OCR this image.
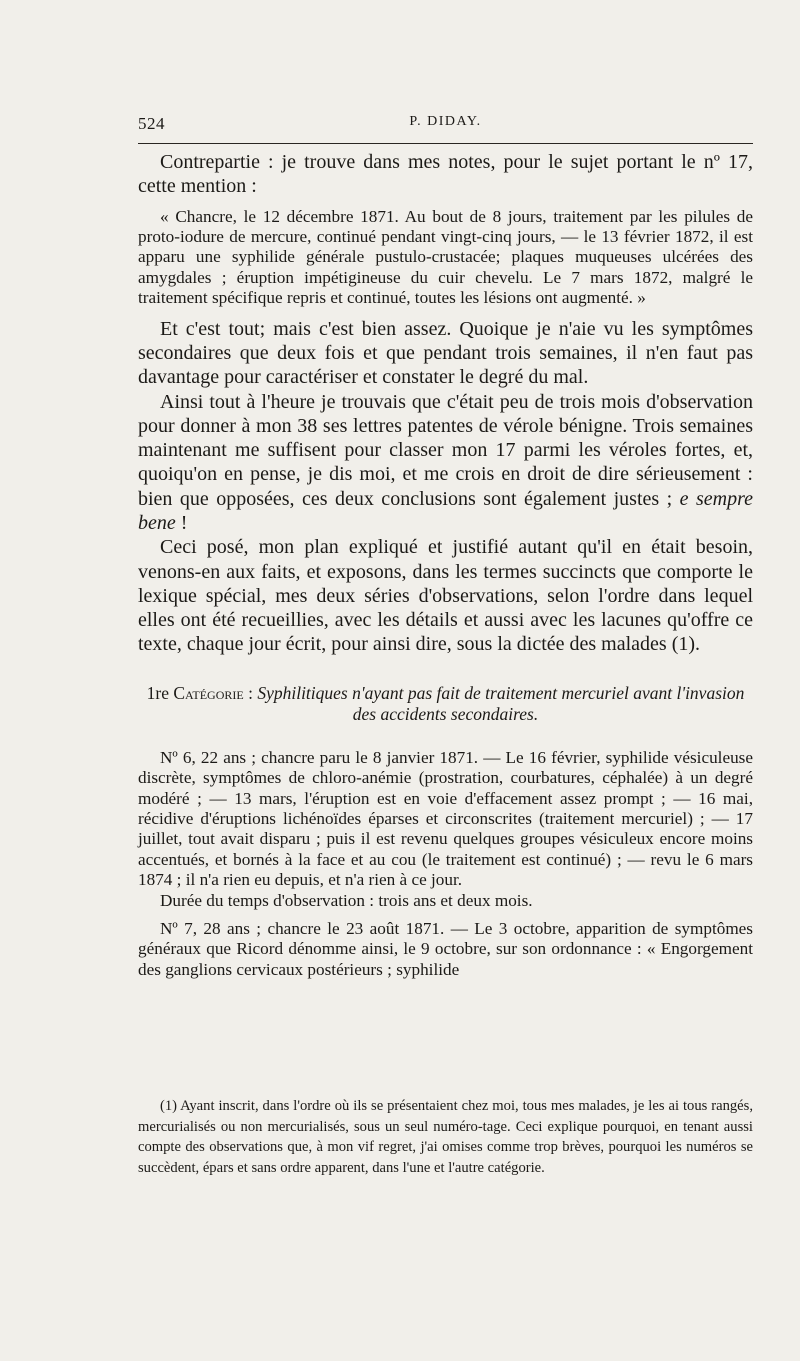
524	P. DIDAY.

Contrepartie : je trouve dans mes notes, pour le sujet portant le nº 17, cette mention :

« Chancre, le 12 décembre 1871. Au bout de 8 jours, traitement par les pilules de proto-iodure de mercure, continué pendant vingt-cinq jours, — le 13 février 1872, il est apparu une syphilide générale pustulo-crustacée; plaques muqueuses ulcérées des amygdales ; éruption impétigineuse du cuir chevelu. Le 7 mars 1872, malgré le traitement spécifique repris et continué, toutes les lésions ont augmenté. »

Et c'est tout; mais c'est bien assez. Quoique je n'aie vu les symptômes secondaires que deux fois et que pendant trois semaines, il n'en faut pas davantage pour caractériser et constater le degré du mal.

Ainsi tout à l'heure je trouvais que c'était peu de trois mois d'observation pour donner à mon 38 ses lettres patentes de vérole bénigne. Trois semaines maintenant me suffisent pour classer mon 17 parmi les véroles fortes, et, quoiqu'on en pense, je dis moi, et me crois en droit de dire sérieusement : bien que opposées, ces deux conclusions sont également justes ; e sempre bene !

Ceci posé, mon plan expliqué et justifié autant qu'il en était besoin, venons-en aux faits, et exposons, dans les termes succincts que comporte le lexique spécial, mes deux séries d'observations, selon l'ordre dans lequel elles ont été recueillies, avec les détails et aussi avec les lacunes qu'offre ce texte, chaque jour écrit, pour ainsi dire, sous la dictée des malades (1).

1re Catégorie : Syphilitiques n'ayant pas fait de traitement mercuriel avant l'invasion des accidents secondaires.

Nº 6, 22 ans ; chancre paru le 8 janvier 1871. — Le 16 février, syphilide vésiculeuse discrète, symptômes de chloro-anémie (prostration, courbatures, céphalée) à un degré modéré ; — 13 mars, l'éruption est en voie d'effacement assez prompt ; — 16 mai, récidive d'éruptions lichénoïdes éparses et circonscrites (traitement mercuriel) ; — 17 juillet, tout avait disparu ; puis il est revenu quelques groupes vésiculeux encore moins accentués, et bornés à la face et au cou (le traitement est continué) ; — revu le 6 mars 1874 ; il n'a rien eu depuis, et n'a rien à ce jour.

Durée du temps d'observation : trois ans et deux mois.

Nº 7, 28 ans ; chancre le 23 août 1871. — Le 3 octobre, apparition de symptômes généraux que Ricord dénomme ainsi, le 9 octobre, sur son ordonnance : « Engorgement des ganglions cervicaux postérieurs ; syphilide

(1) Ayant inscrit, dans l'ordre où ils se présentaient chez moi, tous mes malades, je les ai tous rangés, mercurialisés ou non mercurialisés, sous un seul numéro-tage. Ceci explique pourquoi, en tenant aussi compte des observations que, à mon vif regret, j'ai omises comme trop brèves, pourquoi les numéros se succèdent, épars et sans ordre apparent, dans l'une et l'autre catégorie.
